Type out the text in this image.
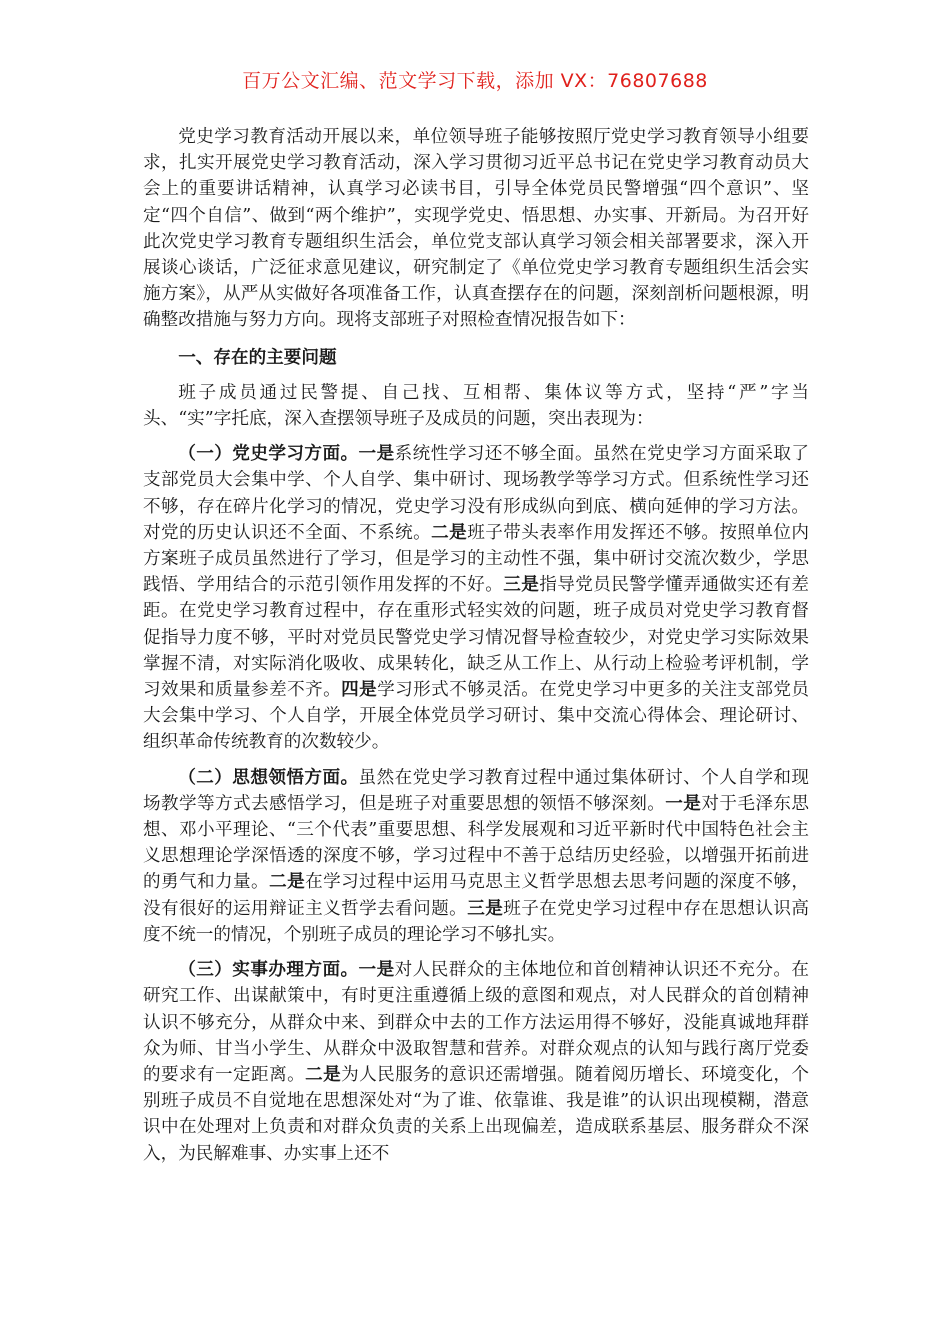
百万公文汇编、范文学习下载，添加 VX：76807688

党史学习教育活动开展以来，单位领导班子能够按照厅党史学习教育领导小组要求，扎实开展党史学习教育活动，深入学习贯彻习近平总书记在党史学习教育动员大会上的重要讲话精神，认真学习必读书目，引导全体党员民警增强“四个意识”、坚定“四个自信”、做到“两个维护”，实现学党史、悟思想、办实事、开新局。为召开好此次党史学习教育专题组织生活会，单位党支部认真学习领会相关部署要求，深入开展谈心谈话，广泛征求意见建议，研究制定了《单位党史学习教育专题组织生活会实施方案》，从严从实做好各项准备工作，认真查摆存在的问题，深刻剖析问题根源，明确整改措施与努力方向。现将支部班子对照检查情况报告如下：

一、存在的主要问题

班子成员通过民警提、自己找、互相帮、集体议等方式，坚持“严”字当头、“实”字托底，深入查摆领导班子及成员的问题，突出表现为：

（一）党史学习方面。一是系统性学习还不够全面。虽然在党史学习方面采取了支部党员大会集中学、个人自学、集中研讨、现场教学等学习方式。但系统性学习还不够，存在碎片化学习的情况，党史学习没有形成纵向到底、横向延伸的学习方法。对党的历史认识还不全面、不系统。二是班子带头表率作用发挥还不够。按照单位内方案班子成员虽然进行了学习，但是学习的主动性不强，集中研讨交流次数少，学思践悟、学用结合的示范引领作用发挥的不好。三是指导党员民警学懂弄通做实还有差距。在党史学习教育过程中，存在重形式轻实效的问题，班子成员对党史学习教育督促指导力度不够，平时对党员民警党史学习情况督导检查较少，对党史学习实际效果掌握不清，对实际消化吸收、成果转化，缺乏从工作上、从行动上检验考评机制，学习效果和质量参差不齐。四是学习形式不够灵活。在党史学习中更多的关注支部党员大会集中学习、个人自学，开展全体党员学习研讨、集中交流心得体会、理论研讨、组织革命传统教育的次数较少。

（二）思想领悟方面。虽然在党史学习教育过程中通过集体研讨、个人自学和现场教学等方式去感悟学习，但是班子对重要思想的领悟不够深刻。一是对于毛泽东思想、邓小平理论、“三个代表”重要思想、科学发展观和习近平新时代中国特色社会主义思想理论学深悟透的深度不够，学习过程中不善于总结历史经验，以增强开拓前进的勇气和力量。二是在学习过程中运用马克思主义哲学思想去思考问题的深度不够，没有很好的运用辩证主义哲学去看问题。三是班子在党史学习过程中存在思想认识高度不统一的情况，个别班子成员的理论学习不够扎实。

（三）实事办理方面。一是对人民群众的主体地位和首创精神认识还不充分。在研究工作、出谋献策中，有时更注重遵循上级的意图和观点，对人民群众的首创精神认识不够充分，从群众中来、到群众中去的工作方法运用得不够好，没能真诚地拜群众为师、甘当小学生、从群众中汲取智慧和营养。对群众观点的认知与践行离厅党委的要求有一定距离。二是为人民服务的意识还需增强。随着阅历增长、环境变化，个别班子成员不自觉地在思想深处对“为了谁、依靠谁、我是谁”的认识出现模糊，潜意识中在处理对上负责和对群众负责的关系上出现偏差，造成联系基层、服务群众不深入，为民解难事、办实事上还不
